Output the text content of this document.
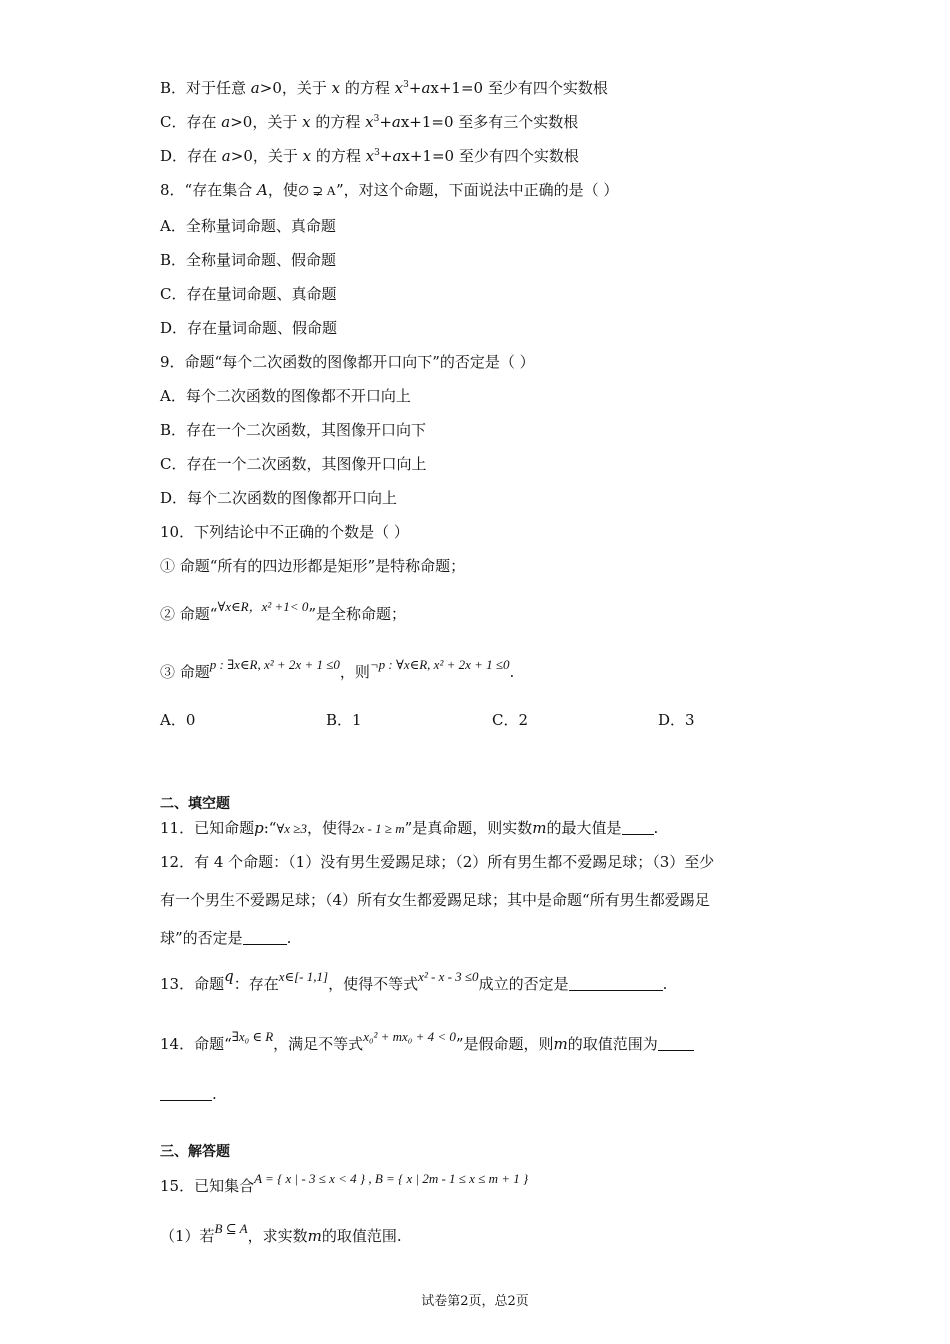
B．对于任意 a>0，关于 x 的方程 $x^3+ax+1=0$ 至少有四个实数根
C．存在 a>0，关于 x 的方程 $x^3+ax+1=0$ 至多有三个实数根
D．存在 a>0，关于 x 的方程 $x^3+ax+1=0$ 至少有四个实数根
8．“存在集合 A，使∅ ⊋ A”，对这个命题，下面说法中正确的是（ ）
A．全称量词命题、真命题
B．全称量词命题、假命题
C．存在量词命题、真命题
D．存在量词命题、假命题
9．命题“每个二次函数的图像都开口向下”的否定是（ ）
A．每个二次函数的图像都不开口向上
B．存在一个二次函数，其图像开口向下
C．存在一个二次函数，其图像开口向上
D．每个二次函数的图像都开口向上
10．下列结论中不正确的个数是（ ）
① 命题“所有的四边形都是矩形”是特称命题；
② 命题“∀x∈R，x² +1< 0”是全称命题；
③ 命题p : ∃x∈R, x² + 2x + 1 ≤0，则¬p : ∀x∈R, x² + 2x + 1 ≤0.
A．0	B．1	C．2	D．3
二、填空题
11．已知命题p:“∀x ≥3，使得2x - 1 ≥ m”是真命题，则实数m的最大值是 .
12．有 4 个命题：（1）没有男生爱踢足球；（2）所有男生都不爱踢足球；（3）至少
有一个男生不爱踢足球；（4）所有女生都爱踢足球；其中是命题“所有男生都爱踢足
球”的否定是	.
13．命题q：存在x∈[- 1,1]，使得不等式x² - x - 3 ≤0成立的否定是	.
14．命题“∃x₀ ∈ R，满足不等式x₀² + mx₀ + 4 < 0”是假命题，则m的取值范围为
.
三、解答题
15．已知集合A = { x | - 3 ≤ x < 4 } , B = { x | 2m - 1 ≤ x ≤ m + 1 }
（1）若B ⊆ A，求实数m的取值范围.
试卷第2页，总2页
